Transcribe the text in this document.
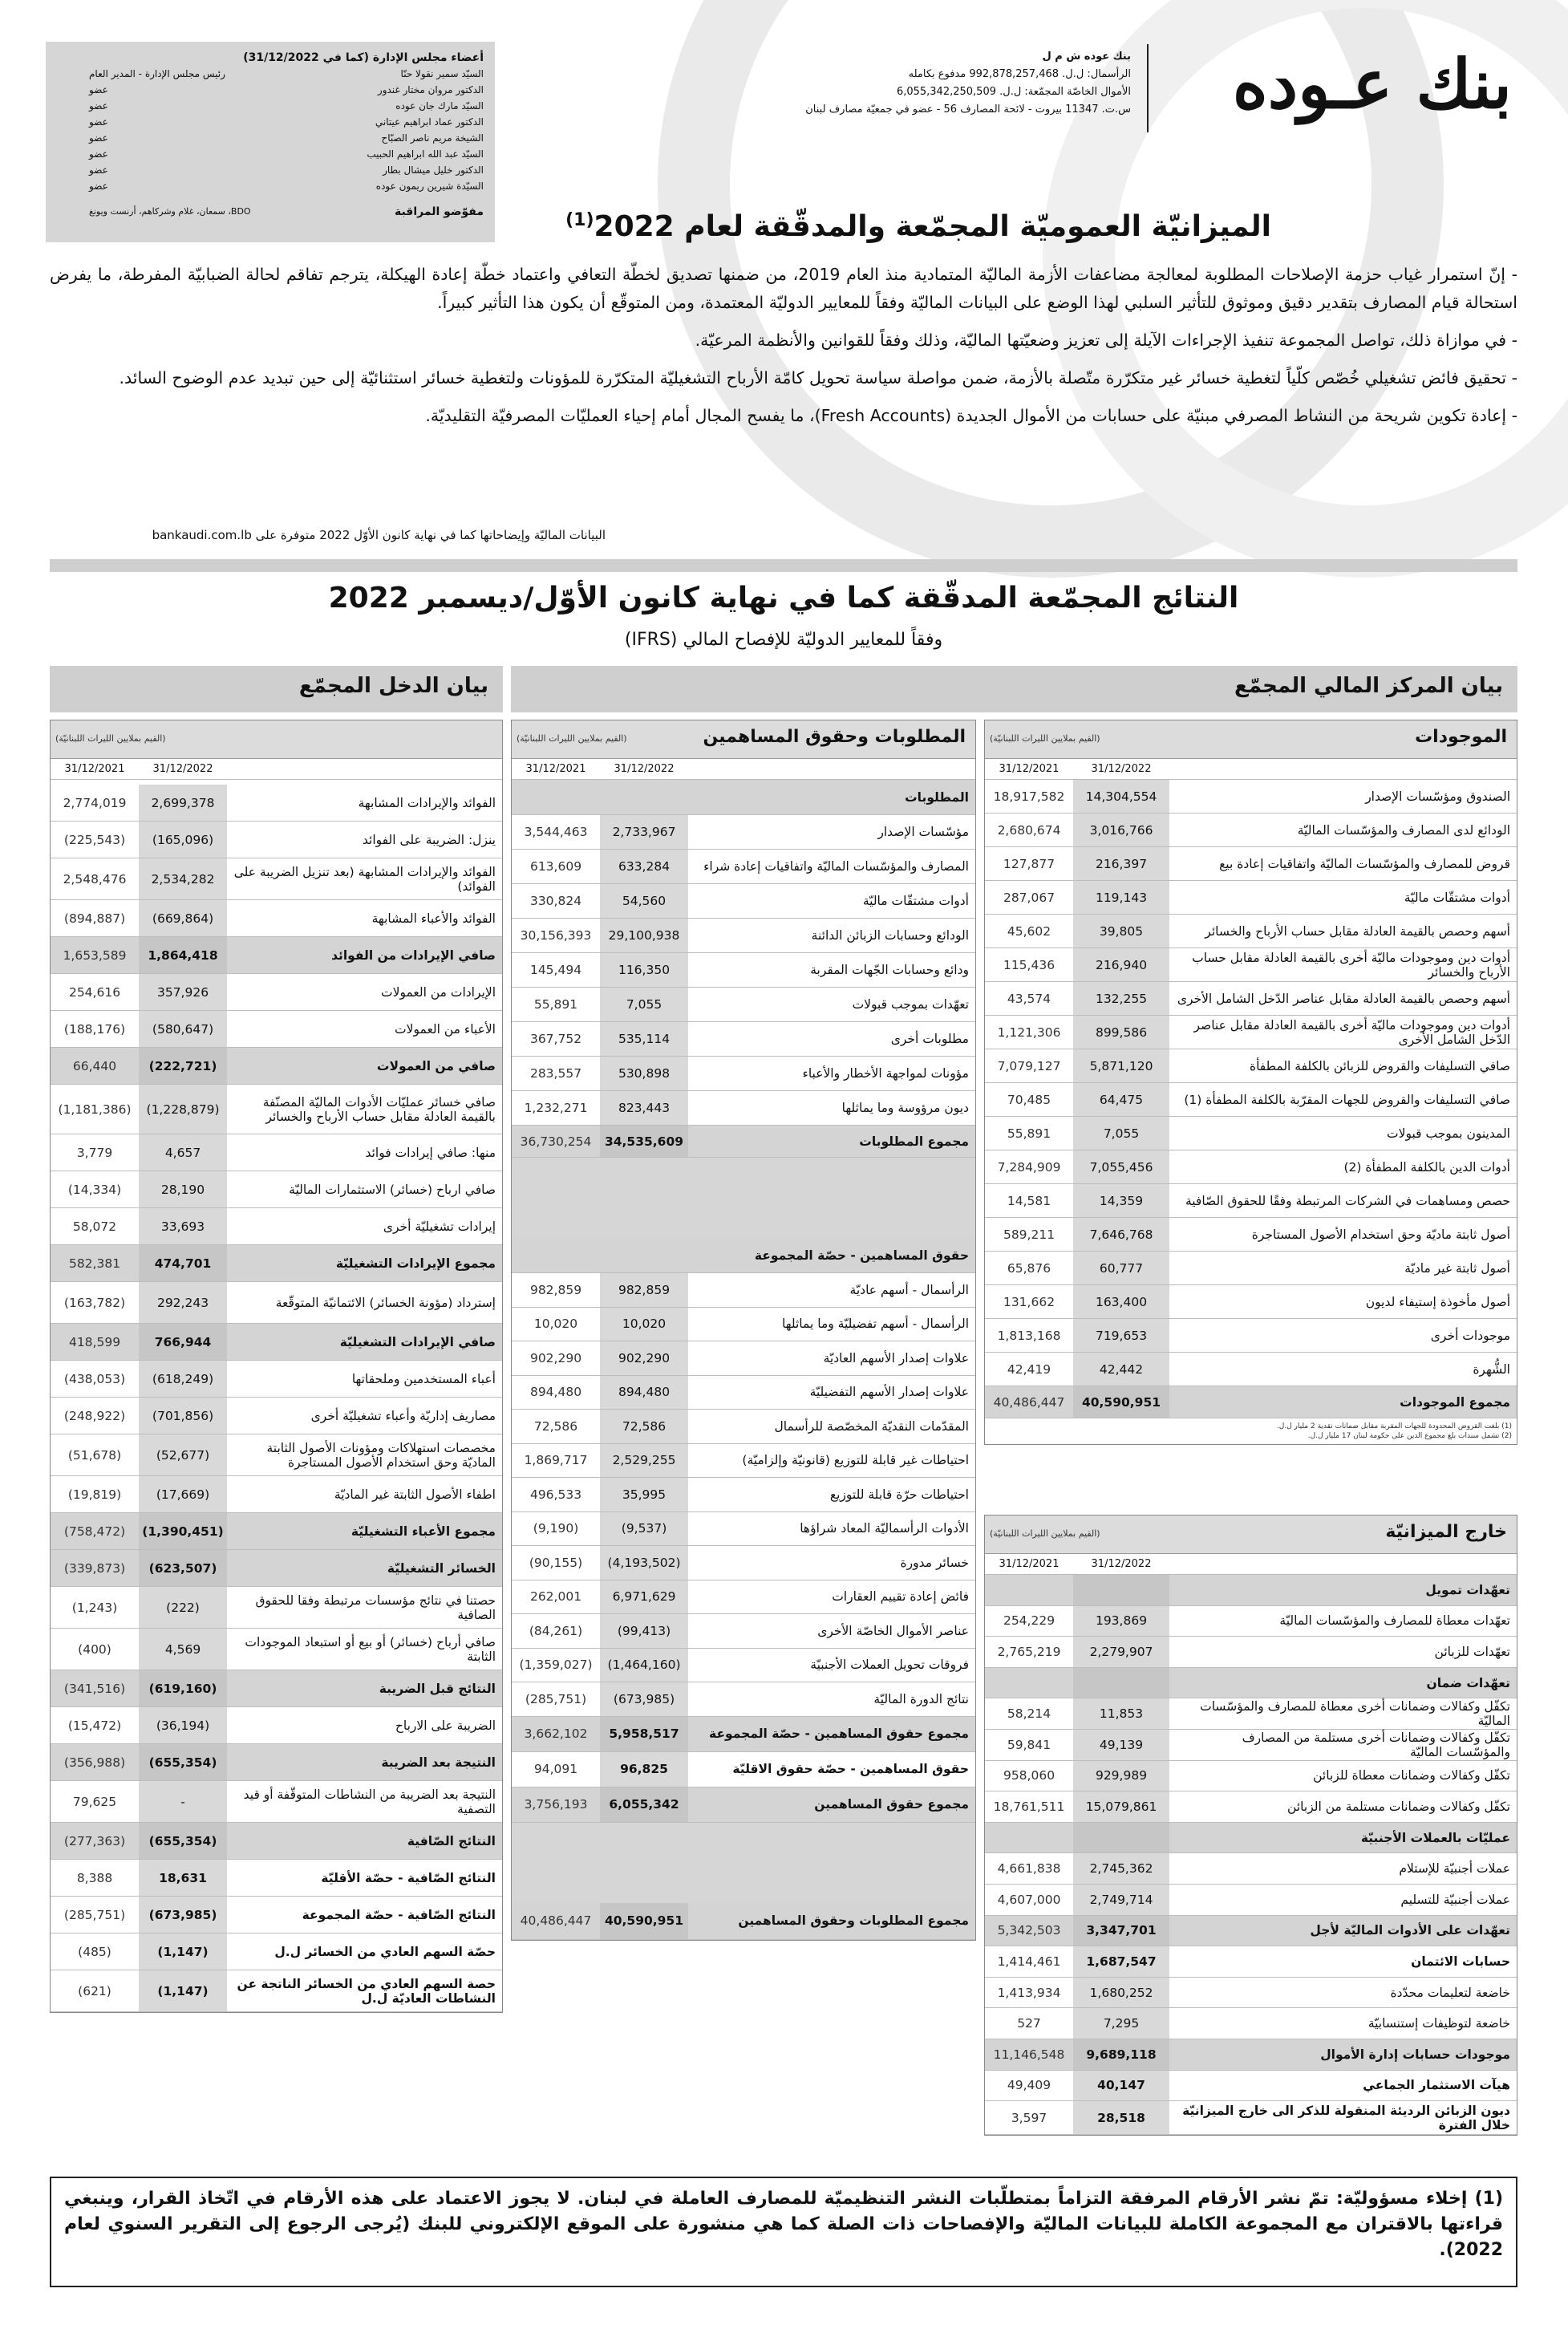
بنك عـوده
بنك عوده ش م ل
الرأسمال: ل.ل. 992,878,257,468 مدفوع بكامله
الأموال الخاصّة المجمّعة: ل.ل. 6,055,342,250,509
س.ت. 11347 بيروت - لائحة المصارف 56 - عضو في جمعيّة مصارف لبنان
أعضاء مجلس الإدارة (كما في 31/12/2022)
السيّد سمير نقولا حنّا
رئيس مجلس الإدارة - المدير العام
الدكتور مروان مختار غندور
عضو
السيّد مارك جان عوده
عضو
الدكتور عماد ابراهيم عيتاني
عضو
الشيخة مريم ناصر الصبّاح
عضو
السيّد عبد الله ابراهيم الحبيب
عضو
الدكتور خليل ميشال بطار
عضو
السيّدة شيرين ريمون عوده
عضو
مفوّضو المراقبة
BDO، سمعان، غلام وشركاهم، أرنست ويونغ	الميزانيّة العموميّة المجمّعة والمدقّقة لعام 2022$^{(1)}$
- إنّ استمرار غياب حزمة الإصلاحات المطلوبة لمعالجة مضاعفات الأزمة الماليّة المتمادية منذ العام 2019، من ضمنها تصديق لخطّة التعافي واعتماد خطّة إعادة الهيكلة، يترجم تفاقم لحالة الضبابيّة المفرطة، ما يفرض استحالة قيام المصارف بتقدير دقيق وموثوق للتأثير السلبي لهذا الوضع على البيانات الماليّة وفقاً للمعايير الدوليّة المعتمدة، ومن المتوقّع أن يكون هذا التأثير كبيراً.
- في موازاة ذلك، تواصل المجموعة تنفيذ الإجراءات الآيلة إلى تعزيز وضعيّتها الماليّة، وذلك وفقاً للقوانين والأنظمة المرعيّة.
- تحقيق فائض تشغيلي خُصّص كلّياً لتغطية خسائر غير متكرّرة متّصلة بالأزمة، ضمن مواصلة سياسة تحويل كامّة الأرباح التشغيليّة المتكرّرة للمؤونات ولتغطية خسائر استثنائيّة إلى حين تبديد عدم الوضوح السائد.
- إعادة تكوين شريحة من النشاط المصرفي مبنيّة على حسابات من الأموال الجديدة (Fresh Accounts)، ما يفسح المجال أمام إحياء العمليّات المصرفيّة التقليديّة.
البيانات الماليّة وإيضاحاتها كما في نهاية كانون الأوّل 2022 متوفرة على bankaudi.com.lb
النتائج المجمّعة المدقّقة كما في نهاية كانون الأوّل/ديسمبر 2022
وفقاً للمعايير الدوليّة للإفصاح المالي (IFRS)
بيان المركز المالي المجمّع
بيان الدخل المجمّع
الموجودات
(القيم بملايين الليرات اللبنانيّة)
31/12/2022
31/12/2021
الصندوق ومؤسّسات الإصدار
14,304,554
18,917,582
الودائع لدى المصارف والمؤسّسات الماليّة
3,016,766
2,680,674
قروض للمصارف والمؤسّسات الماليّة واتفاقيات إعادة بيع
216,397
127,877
أدوات مشتقّات ماليّة
119,143
287,067
أسهم وحصص بالقيمة العادلة مقابل حساب الأرباح والخسائر
39,805
45,602
أدوات دين وموجودات ماليّة أخرى بالقيمة العادلة مقابل حساب الأرباح والخسائر
216,940
115,436
أسهم وحصص بالقيمة العادلة مقابل عناصر الدّخل الشامل الأخرى
132,255
43,574
أدوات دين وموجودات ماليّة أخرى بالقيمة العادلة مقابل عناصر الدّخل الشامل الأخرى
899,586
1,121,306
صافي التسليفات والقروض للزبائن بالكلفة المطفأة
5,871,120
7,079,127
صافي التسليفات والقروض للجهات المقرّبة بالكلفة المطفأة (1)
64,475
70,485
المدينون بموجب قبولات
7,055
55,891
أدوات الدين بالكلفة المطفأة (2)
7,055,456
7,284,909
حصص ومساهمات في الشركات المرتبطة وفقًا للحقوق الصّافية
14,359
14,581
أصول ثابتة ماديّة وحق استخدام الأصول المستاجرة
7,646,768
589,211
أصول ثابتة غير ماديّة
60,777
65,876
أصول مأخوذة إستيفاء لديون
163,400
131,662
موجودات أخرى
719,653
1,813,168
الشُّهرة
42,442
42,419
مجموع الموجودات
40,590,951
40,486,447
(1) بلغت القروض المحدودة للجهات المقربة مقابل ضمانات نقدية 2 مليار ل.ل.
(2) تشمل سندات بلغ مجموع الدين على حكومة لبنان 17 مليار ل.ل.
خارج الميزانيّة
(القيم بملايين الليرات اللبنانيّة)
31/12/2022
31/12/2021
تعهّدات تمويل
تعهّدات معطاة للمصارف والمؤسّسات الماليّة
193,869
254,229
تعهّدات للزبائن
2,279,907
2,765,219
تعهّدات ضمان
تكفّل وكفالات وضمانات أخرى معطاة للمصارف والمؤسّسات الماليّة
11,853
58,214
تكفّل وكفالات وضمانات أخرى مستلمة من المصارف والمؤسّسات الماليّة
49,139
59,841
تكفّل وكفالات وضمانات معطاة للزبائن
929,989
958,060
تكفّل وكفالات وضمانات مستلمة من الزبائن
15,079,861
18,761,511
عمليّات بالعملات الأجنبيّة
عملات أجنبيّة للإستلام
2,745,362
4,661,838
عملات أجنبيّة للتسليم
2,749,714
4,607,000
تعهّدات على الأدوات الماليّة لأجل
3,347,701
5,342,503
حسابات الائتمان
1,687,547
1,414,461
خاضعة لتعليمات محدّدة
1,680,252
1,413,934
خاضعة لتوظيفات إستنسابيّة
7,295
527
موجودات حسابات إدارة الأموال
9,689,118
11,146,548
هيآت الاستثمار الجماعي
40,147
49,409
ديون الزبائن الرديئة المنقولة للذكر الى خارج الميزانيّة خلال الفترة
28,518
3,597
المطلوبات وحقوق المساهمين
(القيم بملايين الليرات اللبنانيّة)
31/12/2022
31/12/2021
المطلوبات
مؤسّسات الإصدار
2,733,967
3,544,463
المصارف والمؤسّسات الماليّة واتفاقيات إعادة شراء
633,284
613,609
أدوات مشتقّات ماليّة
54,560
330,824
الودائع وحسابات الزبائن الدائنة
29,100,938
30,156,393
ودائع وحسابات الجّهات المقربة
116,350
145,494
تعهّدات بموجب قبولات
7,055
55,891
مطلوبات أخرى
535,114
367,752
مؤونات لمواجهة الأخطار والأعباء
530,898
283,557
ديون مرؤوسة وما يماثلها
823,443
1,232,271
مجموع المطلوبات
34,535,609
36,730,254
حقوق المساهمين - حصّة المجموعة
الرأسمال - أسهم عاديّة
982,859
982,859
الرأسمال - أسهم تفضيليّة وما يماثلها
10,020
10,020
علاوات إصدار الأسهم العاديّة
902,290
902,290
علاوات إصدار الأسهم التفضيليّة
894,480
894,480
المقدّمات النقديّة المخصّصة للرأسمال
72,586
72,586
احتياطات غير قابلة للتوزيع (قانونيّة وإلزاميّة)
2,529,255
1,869,717
احتياطات حرّة قابلة للتوزيع
35,995
496,533
الأدوات الرأسماليّة المعاد شراؤها
(9,537)
(9,190)
خسائر مدورة
(4,193,502)
(90,155)
فائض إعادة تقييم العقارات
6,971,629
262,001
عناصر الأموال الخاصّة الأخرى
(99,413)
(84,261)
فروقات تحويل العملات الأجنبيّة
(1,464,160)
(1,359,027)
نتائج الدورة الماليّة
(673,985)
(285,751)
مجموع حقوق المساهمين - حصّة المجموعة
5,958,517
3,662,102
حقوق المساهمين - حصّة حقوق الاقليّة
96,825
94,091
مجموع حقوق المساهمين
6,055,342
3,756,193
مجموع المطلوبات وحقوق المساهمين
40,590,951
40,486,447
(القيم بملايين الليرات اللبنانيّة)
31/12/2022
31/12/2021
الفوائد والإيرادات المشابهة
2,699,378
2,774,019
ينزل: الضريبة على الفوائد
(165,096)
(225,543)
الفوائد والإيرادات المشابهة (بعد تنزيل الضريبة على الفوائد)
2,534,282
2,548,476
الفوائد والأعباء المشابهة
(669,864)
(894,887)
صافي الإيرادات من الفوائد
1,864,418
1,653,589
الإيرادات من العمولات
357,926
254,616
الأعباء من العمولات
(580,647)
(188,176)
صافي من العمولات
(222,721)
66,440
صافي خسائر عمليّات الأدوات الماليّة المصنّفة بالقيمة العادلة مقابل حساب الأرباح والخسائر
(1,228,879)
(1,181,386)
منها: صافي إيرادات فوائد
4,657
3,779
صافي ارباح (خسائر) الاستثمارات الماليّة
28,190
(14,334)
إيرادات تشغيليّة أخرى
33,693
58,072
مجموع الإيرادات التشغيليّة
474,701
582,381
إسترداد (مؤونة الخسائر) الائتمانيّة المتوقّعة
292,243
(163,782)
صافي الإيرادات التشغيليّة
766,944
418,599
أعباء المستخدمين وملحقاتها
(618,249)
(438,053)
مصاريف إداريّة وأعباء تشغيليّة أخرى
(701,856)
(248,922)
مخصصات استهلاكات ومؤونات الأصول الثابتة الماديّة وحق استخدام الأصول المستاجرة
(52,677)
(51,678)
اطفاء الأصول الثابتة غير الماديّة
(17,669)
(19,819)
مجموع الأعباء التشغيليّة
(1,390,451)
(758,472)
الخسائر التشغيليّة
(623,507)
(339,873)
حصتنا في نتائج مؤسسات مرتبطة وفقا للحقوق الصافية
(222)
(1,243)
صافي أرباح (خسائر) أو بيع أو استبعاد الموجودات الثابتة
4,569
(400)
النتائج قبل الضريبة
(619,160)
(341,516)
الضريبة على الارباح
(36,194)
(15,472)
النتيجة بعد الضريبة
(655,354)
(356,988)
النتيجة بعد الضريبة من النشاطات المتوقّفة أو قيد التصفية
-
79,625
النتائج الصّافية
(655,354)
(277,363)
النتائج الصّافية - حصّة الأقليّة
18,631
8,388
النتائج الصّافية - حصّة المجموعة
(673,985)
(285,751)
حصّة السهم العادي من الخسائر ل.ل
(1,147)
(485)
حصة السهم العادي من الخسائر الناتجة عن النشاطات العاديّة ل.ل
(1,147)
(621)
(1) إخلاء مسؤوليّة: تمّ نشر الأرقام المرفقة التزاماً بمتطلّبات النشر التنظيميّة للمصارف العاملة في لبنان. لا يجوز الاعتماد على هذه الأرقام في اتّخاذ القرار، وينبغي قراءتها بالاقتران مع المجموعة الكاملة للبيانات الماليّة والإفصاحات ذات الصلة كما هي منشورة على الموقع الإلكتروني للبنك (يُرجى الرجوع إلى التقرير السنوي لعام 2022).
